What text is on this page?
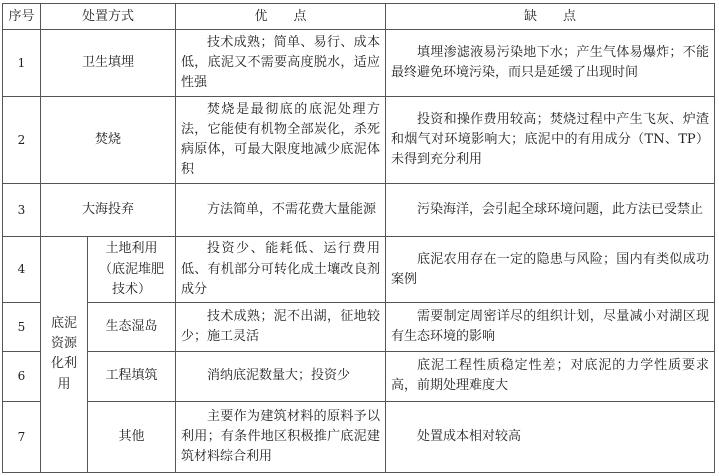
序号	处置方式		优　　点	缺　　点
1	卫生填埋		技术成熟；简单、易行、成本低，底泥又不需要高度脱水，适应性强	填埋渗滤液易污染地下水；产生气体易爆炸；不能最终避免环境污染，而只是延缓了出现时间
2	焚烧		焚烧是最彻底的底泥处理方法，它能使有机物全部炭化，杀死病原体，可最大限度地减少底泥体积	投资和操作费用较高；焚烧过程中产生飞灰、炉渣和烟气对环境影响大；底泥中的有用成分（TN、TP）未得到充分利用
3	大海投弃		方法简单，不需花费大量能源	污染海洋，会引起全球环境问题，此方法已受禁止
4	底泥资源化利用	土地利用（底泥堆肥技术）	投资少、能耗低、运行费用低、有机部分可转化成土壤改良剂成分	底泥农用存在一定的隐患与风险；国内有类似成功案例
5		生态湿岛	技术成熟；泥不出湖，征地较少；施工灵活	需要制定周密详尽的组织计划，尽量减小对湖区现有生态环境的影响
6		工程填筑	消纳底泥数量大；投资少	底泥工程性质稳定性差；对底泥的力学性质要求高，前期处理难度大
7		其他	主要作为建筑材料的原料予以利用；有条件地区积极推广底泥建筑材料综合利用	处置成本相对较高
